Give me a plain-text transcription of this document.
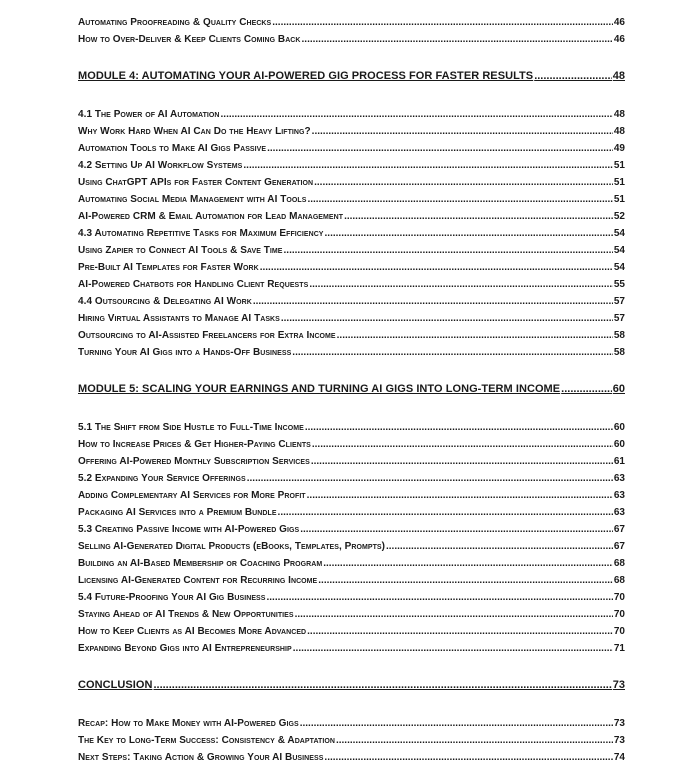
Automating Proofreading & Quality Checks .....	46
How to Over-Deliver & Keep Clients Coming Back .....	46
MODULE 4: AUTOMATING YOUR AI-POWERED GIG PROCESS FOR FASTER RESULTS .....	48
4.1 The Power of AI Automation .....	48
Why Work Hard When AI Can Do the Heavy Lifting? .....	48
Automation Tools to Make AI Gigs Passive .....	49
4.2 Setting Up AI Workflow Systems .....	51
Using ChatGPT APIs for Faster Content Generation .....	51
Automating Social Media Management with AI Tools .....	51
AI-Powered CRM & Email Automation for Lead Management .....	52
4.3 Automating Repetitive Tasks for Maximum Efficiency .....	54
Using Zapier to Connect AI Tools & Save Time .....	54
Pre-Built AI Templates for Faster Work .....	54
AI-Powered Chatbots for Handling Client Requests .....	55
4.4 Outsourcing & Delegating AI Work .....	57
Hiring Virtual Assistants to Manage AI Tasks .....	57
Outsourcing to AI-Assisted Freelancers for Extra Income .....	58
Turning Your AI Gigs into a Hands-Off Business .....	58
MODULE 5: SCALING YOUR EARNINGS AND TURNING AI GIGS INTO LONG-TERM INCOME .....	60
5.1 The Shift from Side Hustle to Full-Time Income .....	60
How to Increase Prices & Get Higher-Paying Clients .....	60
Offering AI-Powered Monthly Subscription Services .....	61
5.2 Expanding Your Service Offerings .....	63
Adding Complementary AI Services for More Profit .....	63
Packaging AI Services into a Premium Bundle .....	63
5.3 Creating Passive Income with AI-Powered Gigs .....	67
Selling AI-Generated Digital Products (eBooks, Templates, Prompts) .....	67
Building an AI-Based Membership or Coaching Program .....	68
Licensing AI-Generated Content for Recurring Income .....	68
5.4 Future-Proofing Your AI Gig Business .....	70
Staying Ahead of AI Trends & New Opportunities .....	70
How to Keep Clients as AI Becomes More Advanced .....	70
Expanding Beyond Gigs into AI Entrepreneurship .....	71
CONCLUSION .....	73
Recap: How to Make Money with AI-Powered Gigs .....	73
The Key to Long-Term Success: Consistency & Adaptation .....	73
Next Steps: Taking Action & Growing Your AI Business .....	74
